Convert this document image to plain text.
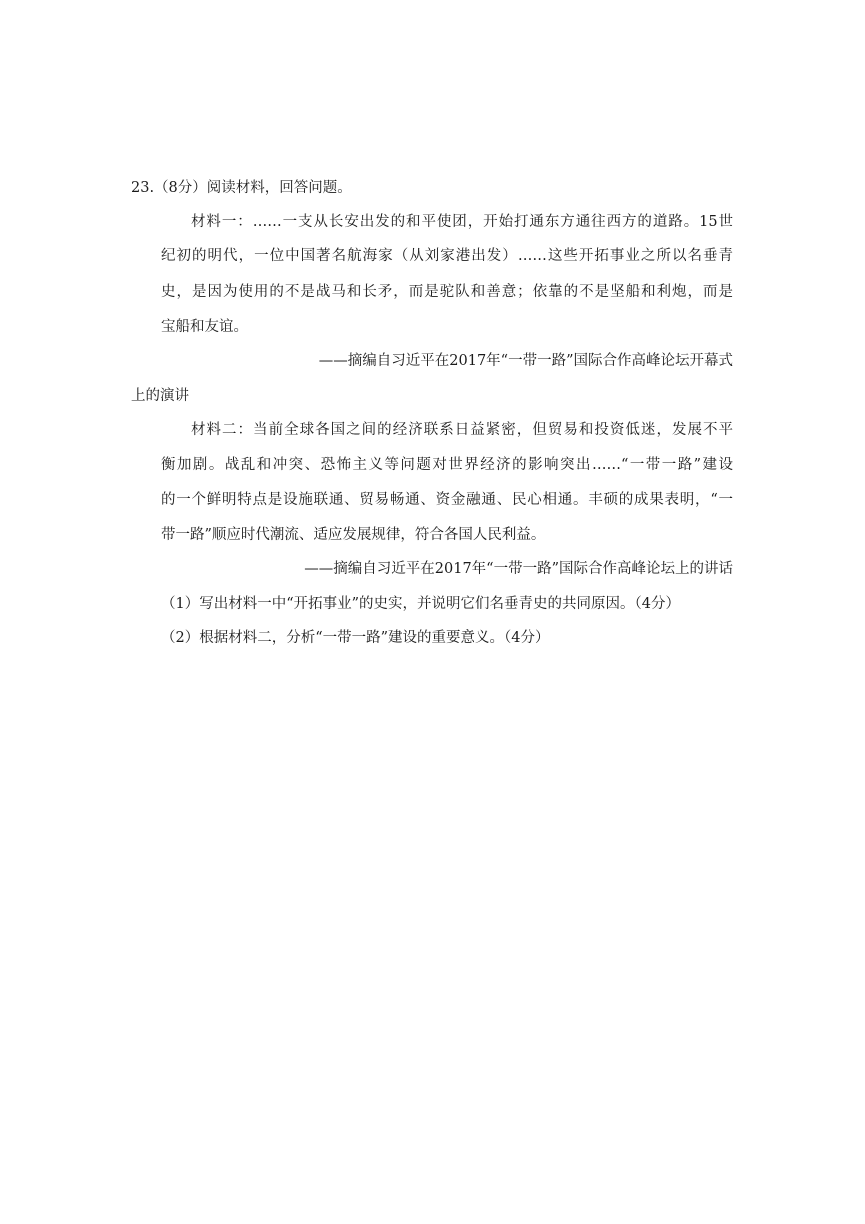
23.（8分）阅读材料，回答问题。
材料一：……一支从长安出发的和平使团，开始打通东方通往西方的道路。15世
纪初的明代，一位中国著名航海家（从刘家港出发）……这些开拓事业之所以名垂青
史，是因为使用的不是战马和长矛，而是驼队和善意；依靠的不是坚船和利炮，而是
宝船和友谊。
——摘编自习近平在2017年“一带一路”国际合作高峰论坛开幕式
上的演讲
材料二：当前全球各国之间的经济联系日益紧密，但贸易和投资低迷，发展不平
衡加剧。战乱和冲突、恐怖主义等问题对世界经济的影响突出……“一带一路”建设
的一个鲜明特点是设施联通、贸易畅通、资金融通、民心相通。丰硕的成果表明，“一
带一路”顺应时代潮流、适应发展规律，符合各国人民利益。
——摘编自习近平在2017年“一带一路”国际合作高峰论坛上的讲话
（1）写出材料一中“开拓事业”的史实，并说明它们名垂青史的共同原因。（4分）
（2）根据材料二，分析“一带一路”建设的重要意义。（4分）
